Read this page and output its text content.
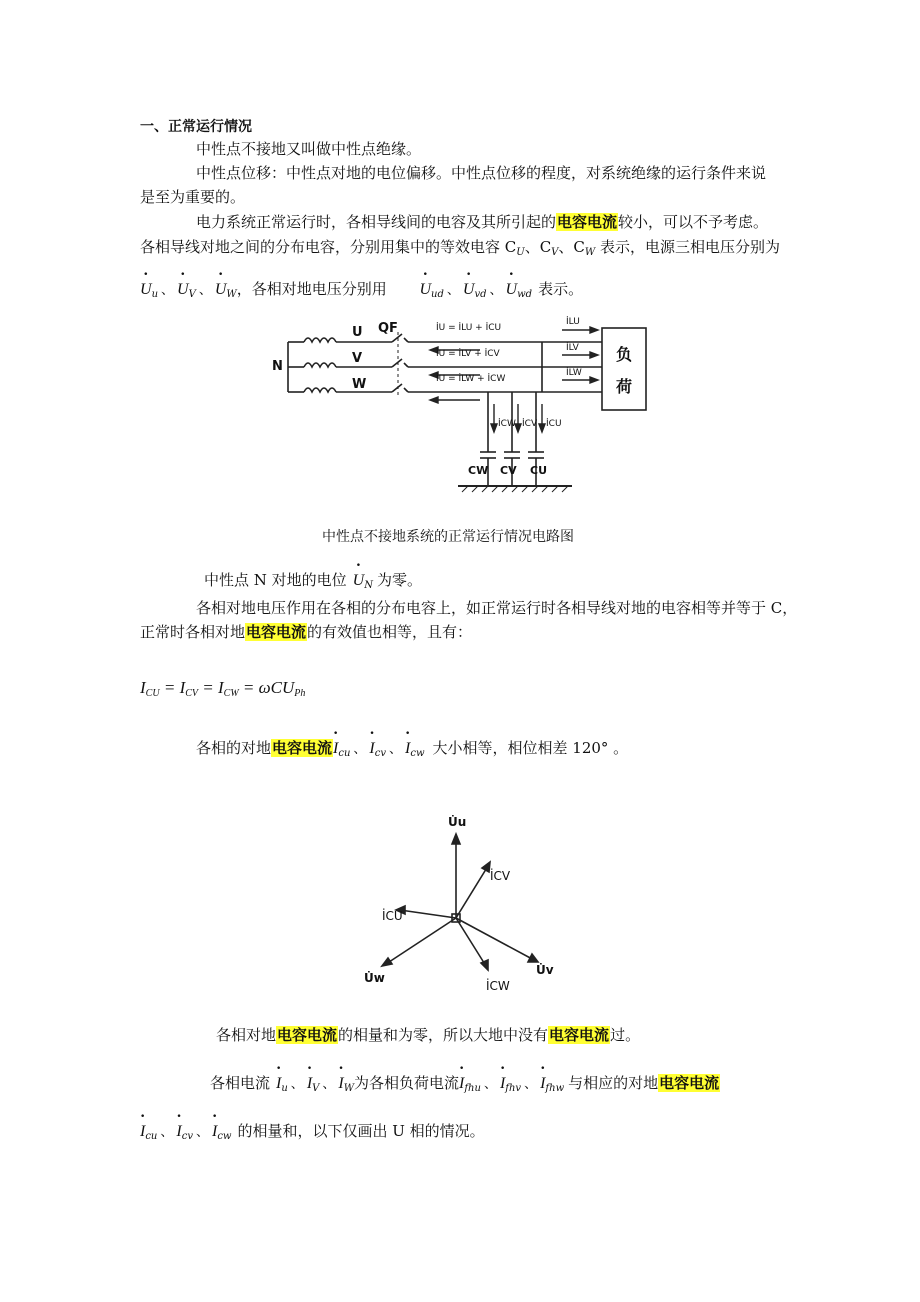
一、正常运行情况
中性点不接地又叫做中性点绝缘。
中性点位移：中性点对地的电位偏移。中性点位移的程度，对系统绝缘的运行条件来说
是至为重要的。
电力系统正常运行时，各相导线间的电容及其所引起的电容电流较小，可以不予考虑。
各相导线对地之间的分布电容，分别用集中的等效电容 $C_U$、$C_V$、$C_W$ 表示，电源三相电压分别为
· $U_u$ 、 · $U_V$ 、 · $U_W$，各相对地电压分别用 · $U_{ud}$ 、 · $U_{vd}$ 、 · $U_{wd}$ 表示。
N
U
V
W
QF
负
荷
İU = İLU + İCU
İU = İLV + İCV
İU = İLW + İCW
İLU
İLV
İLW
İCW İCV İCU
CW CV CU
中性点不接地系统的正常运行情况电路图
中性点 N 对地的电位 · $U_N$ 为零。
各相对地电压作用在各相的分布电容上，如正常运行时各相导线对地的电容相等并等于 C，
正常时各相对地电容电流的有效值也相等，且有：
$I_{CU} = I_{CV} = I_{CW} = \omega CU_{Ph}$
各相的对地电容电流· $I_{cu}$ 、 · $I_{cv}$ 、 · $I_{cw}$ 大小相等，相位相差 120° 。
U̇u
İCV
İCU
U̇v
U̇w
İCW
各相对地电容电流的相量和为零，所以大地中没有电容电流过。
各相电流 · $I_u$ 、 · $I_V$ 、 · $I_W$为各相负荷电流· $I_{fhu}$ 、 · $I_{fhv}$ 、 · $I_{fhw}$ 与相应的对地电容电流
· $I_{cu}$ 、 · $I_{cv}$ 、 · $I_{cw}$ 的相量和，以下仅画出 U 相的情况。
